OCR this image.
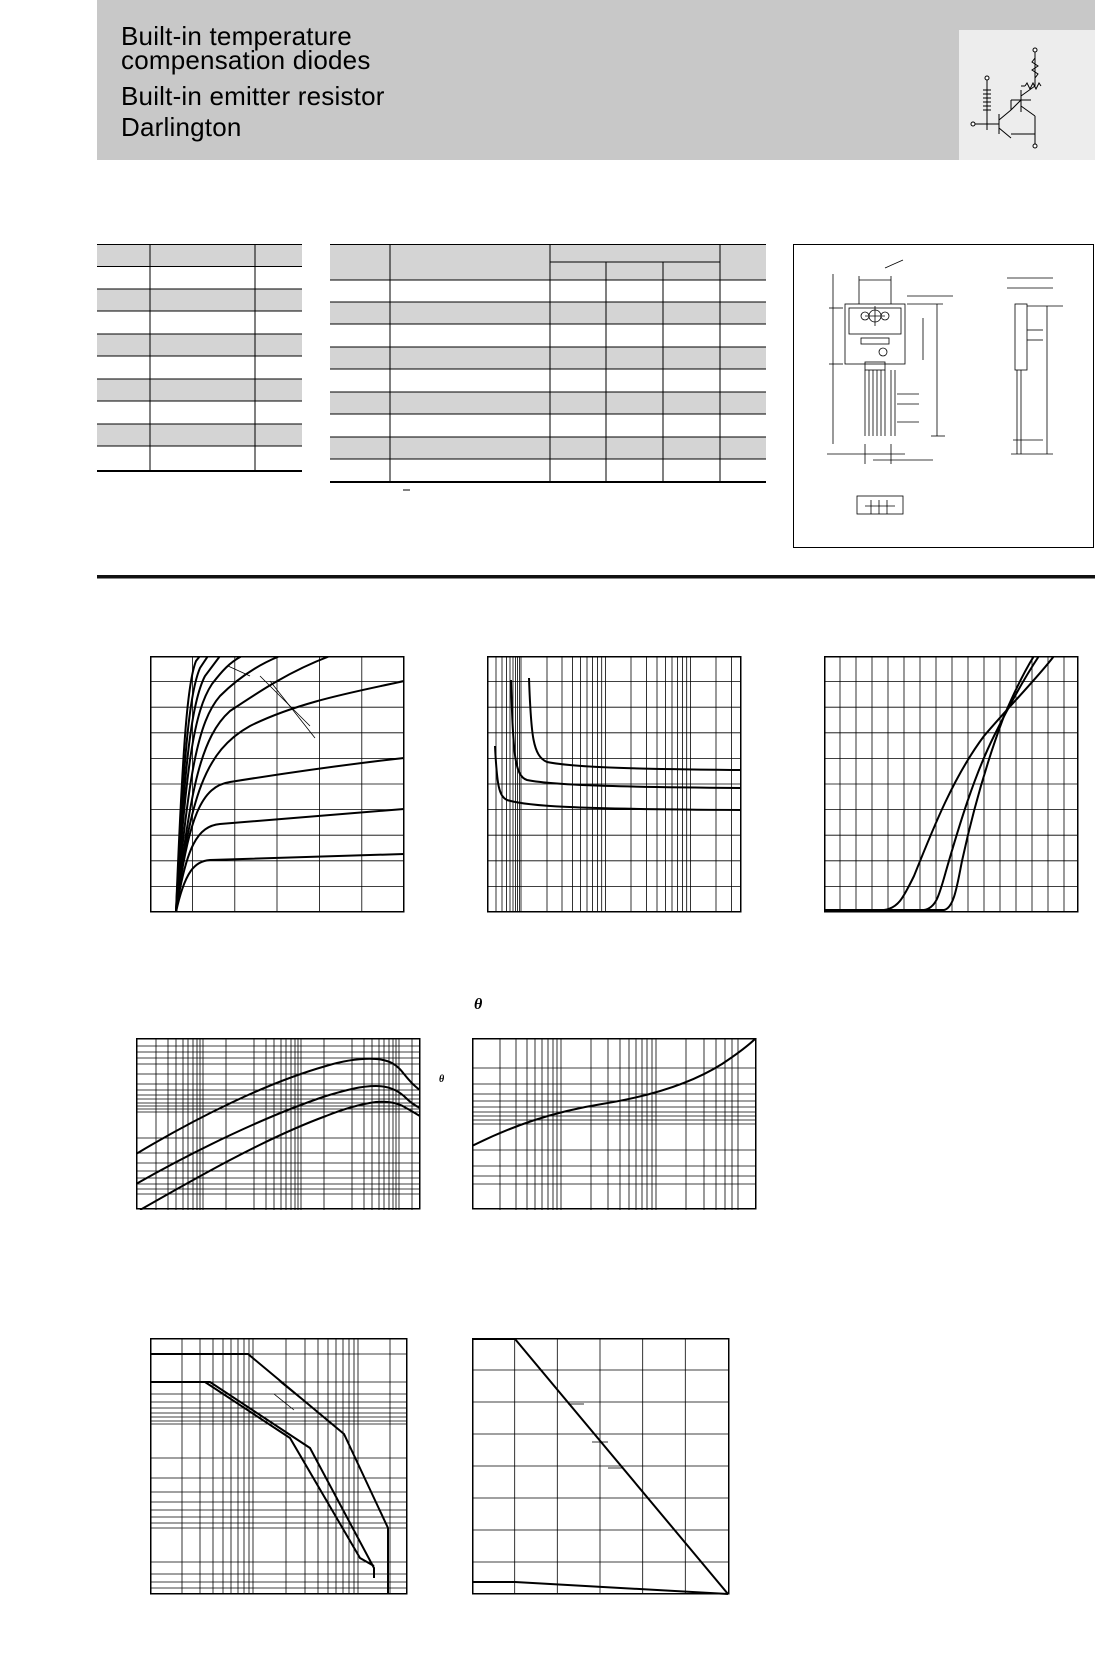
Built-in temperature
compensation diodes
Built-in emitter resistor
Darlington
θ
θ
